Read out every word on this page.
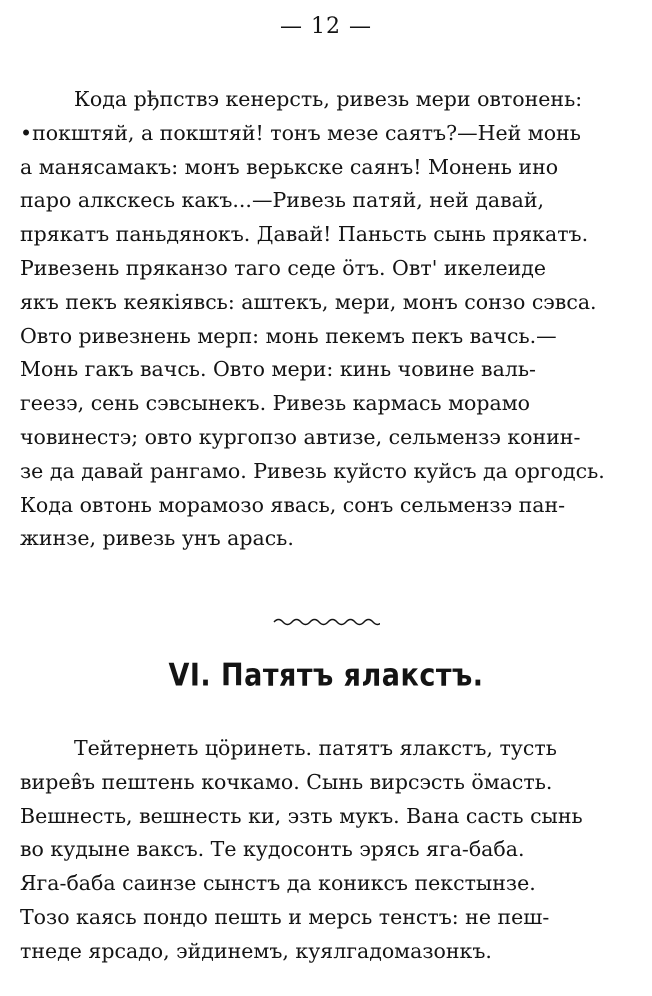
— 12 —

Кода рђпствэ кенерсть, ривезь мери овтонень:
•покштяй, а покштяй! тонъ мезе саятъ?—Ней монь
а манясамакъ: монъ верькске саянъ! Монень ино
паро алкскесь какъ...—Ривезь патяй, ней давай,
прякатъ паньдянокъ. Давай! Паньсть сынь прякатъ.
Ривезень пряканзо таго седе ӧтъ. Овт' икелеиде
якъ пекъ кеякiявсь: аштекъ, мери, монъ сонзо сэвса.
Овто ривезнень мерп: монь пекемъ пекъ вачсь.—
Монь гакъ вачсь. Овто мери: кинь човине валь-
геезэ, сень сэвсынекъ. Ривезь кармась морамо
човинестэ; овто кургопзо автизе, сельмензэ конин-
зе да давай рангамо. Ривезь куйсто куйсъ да оргодсь.
Кода овтонь морамозо явась, сонъ сельмензэ пан-
жинзе, ривезь унъ арась.

VI. Патятъ ялакстъ.

Тейтернеть цӧринеть. патятъ ялакстъ, тусть
вирев̂ъ пештень кочкамо. Сынь вирсэсть ӧмасть.
Вешнесть, вешнесть ки, эзть мукъ. Вана састь сынь
во кудыне ваксъ. Те кудосонть эрясь яга-баба.
Яга-баба саинзе сынстъ да кониксъ пекстынзе.
Тозо каясь пондо пешть и мерсь тенстъ: не пеш-
тнеде ярсадо, эйдинемъ, куялгадомазонкъ.
